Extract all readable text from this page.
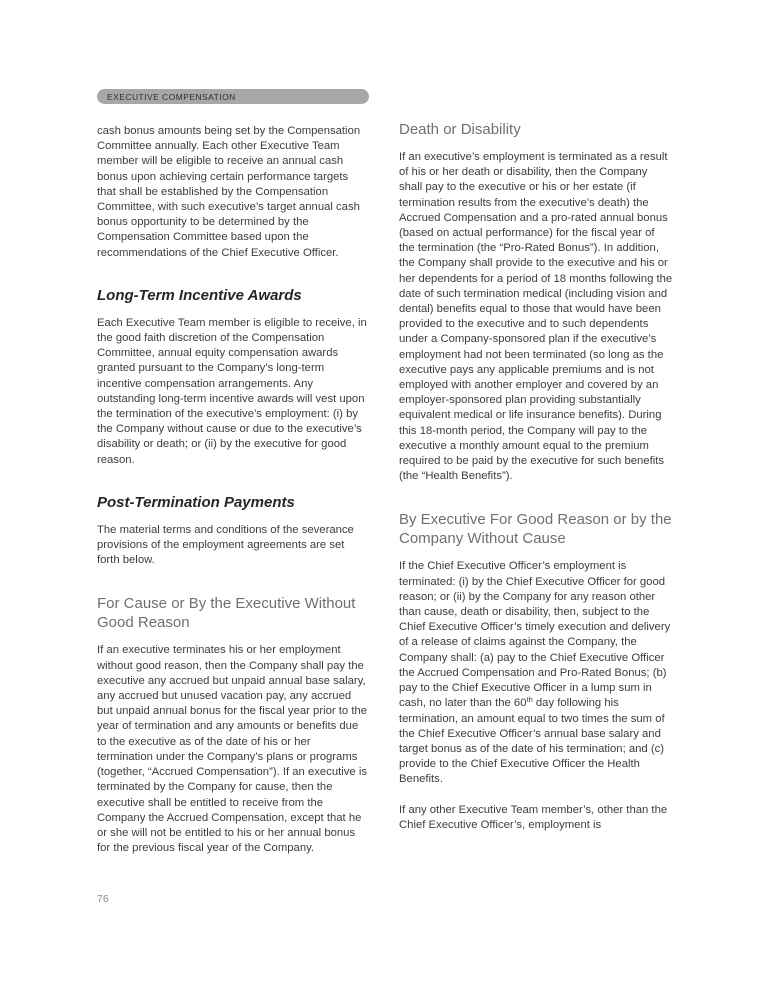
EXECUTIVE COMPENSATION

cash bonus amounts being set by the Compensation Committee annually. Each other Executive Team member will be eligible to receive an annual cash bonus upon achieving certain performance targets that shall be established by the Compensation Committee, with such executive’s target annual cash bonus opportunity to be determined by the Compensation Committee based upon the recommendations of the Chief Executive Officer.

Long-Term Incentive Awards

Each Executive Team member is eligible to receive, in the good faith discretion of the Compensation Committee, annual equity compensation awards granted pursuant to the Company’s long-term incentive compensation arrangements. Any outstanding long-term incentive awards will vest upon the termination of the executive’s employment: (i) by the Company without cause or due to the executive’s disability or death; or (ii) by the executive for good reason.

Post-Termination Payments

The material terms and conditions of the severance provisions of the employment agreements are set forth below.

For Cause or By the Executive Without Good Reason

If an executive terminates his or her employment without good reason, then the Company shall pay the executive any accrued but unpaid annual base salary, any accrued but unused vacation pay, any accrued but unpaid annual bonus for the fiscal year prior to the year of termination and any amounts or benefits due to the executive as of the date of his or her termination under the Company’s plans or programs (together, “Accrued Compensation”). If an executive is terminated by the Company for cause, then the executive shall be entitled to receive from the Company the Accrued Compensation, except that he or she will not be entitled to his or her annual bonus for the previous fiscal year of the Company.

Death or Disability

If an executive’s employment is terminated as a result of his or her death or disability, then the Company shall pay to the executive or his or her estate (if termination results from the executive’s death) the Accrued Compensation and a pro-rated annual bonus (based on actual performance) for the fiscal year of the termination (the “Pro-Rated Bonus”). In addition, the Company shall provide to the executive and his or her dependents for a period of 18 months following the date of such termination medical (including vision and dental) benefits equal to those that would have been provided to the executive and to such dependents under a Company-sponsored plan if the executive’s employment had not been terminated (so long as the executive pays any applicable premiums and is not employed with another employer and covered by an employer-sponsored plan providing substantially equivalent medical or life insurance benefits). During this 18-month period, the Company will pay to the executive a monthly amount equal to the premium required to be paid by the executive for such benefits (the “Health Benefits”).

By Executive For Good Reason or by the Company Without Cause

If the Chief Executive Officer’s employment is terminated: (i) by the Chief Executive Officer for good reason; or (ii) by the Company for any reason other than cause, death or disability, then, subject to the Chief Executive Officer’s timely execution and delivery of a release of claims against the Company, the Company shall: (a) pay to the Chief Executive Officer the Accrued Compensation and Pro-Rated Bonus; (b) pay to the Chief Executive Officer in a lump sum in cash, no later than the 60th day following his termination, an amount equal to two times the sum of the Chief Executive Officer’s annual base salary and target bonus as of the date of his termination; and (c) provide to the Chief Executive Officer the Health Benefits.

If any other Executive Team member’s, other than the Chief Executive Officer’s, employment is

76
